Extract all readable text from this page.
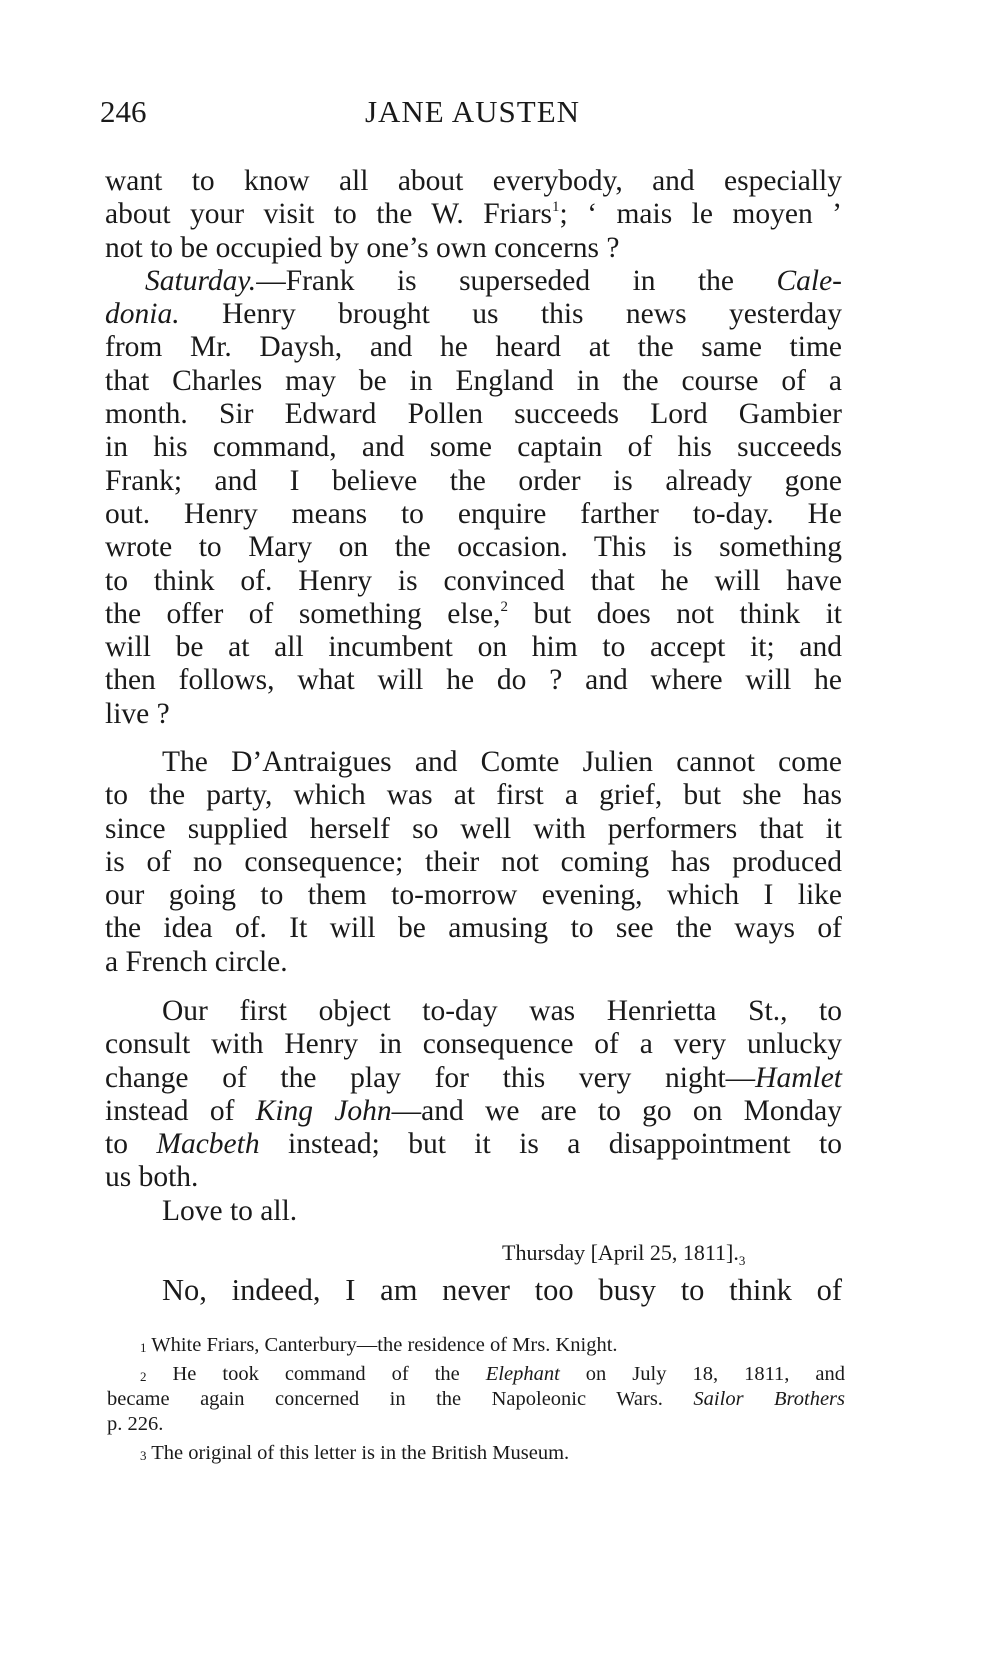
246	JANE AUSTEN
want to know all about everybody, and especially
about your visit to the W. Friars$^1$; ‘ mais le moyen ’
not to be occupied by one’s own concerns ?
Saturday.—Frank is superseded in the Cale-
donia. Henry brought us this news yesterday
from Mr. Daysh, and he heard at the same time
that Charles may be in England in the course of a
month. Sir Edward Pollen succeeds Lord Gambier
in his command, and some captain of his succeeds
Frank; and I believe the order is already gone
out. Henry means to enquire farther to-day. He
wrote to Mary on the occasion. This is something
to think of. Henry is convinced that he will have
the offer of something else,$^2$ but does not think it
will be at all incumbent on him to accept it; and
then follows, what will he do ? and where will he
live ?
The D’Antraigues and Comte Julien cannot come
to the party, which was at first a grief, but she has
since supplied herself so well with performers that it
is of no consequence; their not coming has produced
our going to them to-morrow evening, which I like
the idea of. It will be amusing to see the ways of
a French circle.
Our first object to-day was Henrietta St., to
consult with Henry in consequence of a very unlucky
change of the play for this very night—Hamlet
instead of King John—and we are to go on Monday
to Macbeth instead; but it is a disappointment to
us both.
Love to all.
Thursday [April 25, 1811].$^3$
No, indeed, I am never too busy to think of
$^1$ White Friars, Canterbury—the residence of Mrs. Knight.
$^2$ He took command of the Elephant on July 18, 1811, and
became again concerned in the Napoleonic Wars. Sailor Brothers
p. 226.
$^3$ The original of this letter is in the British Museum.
